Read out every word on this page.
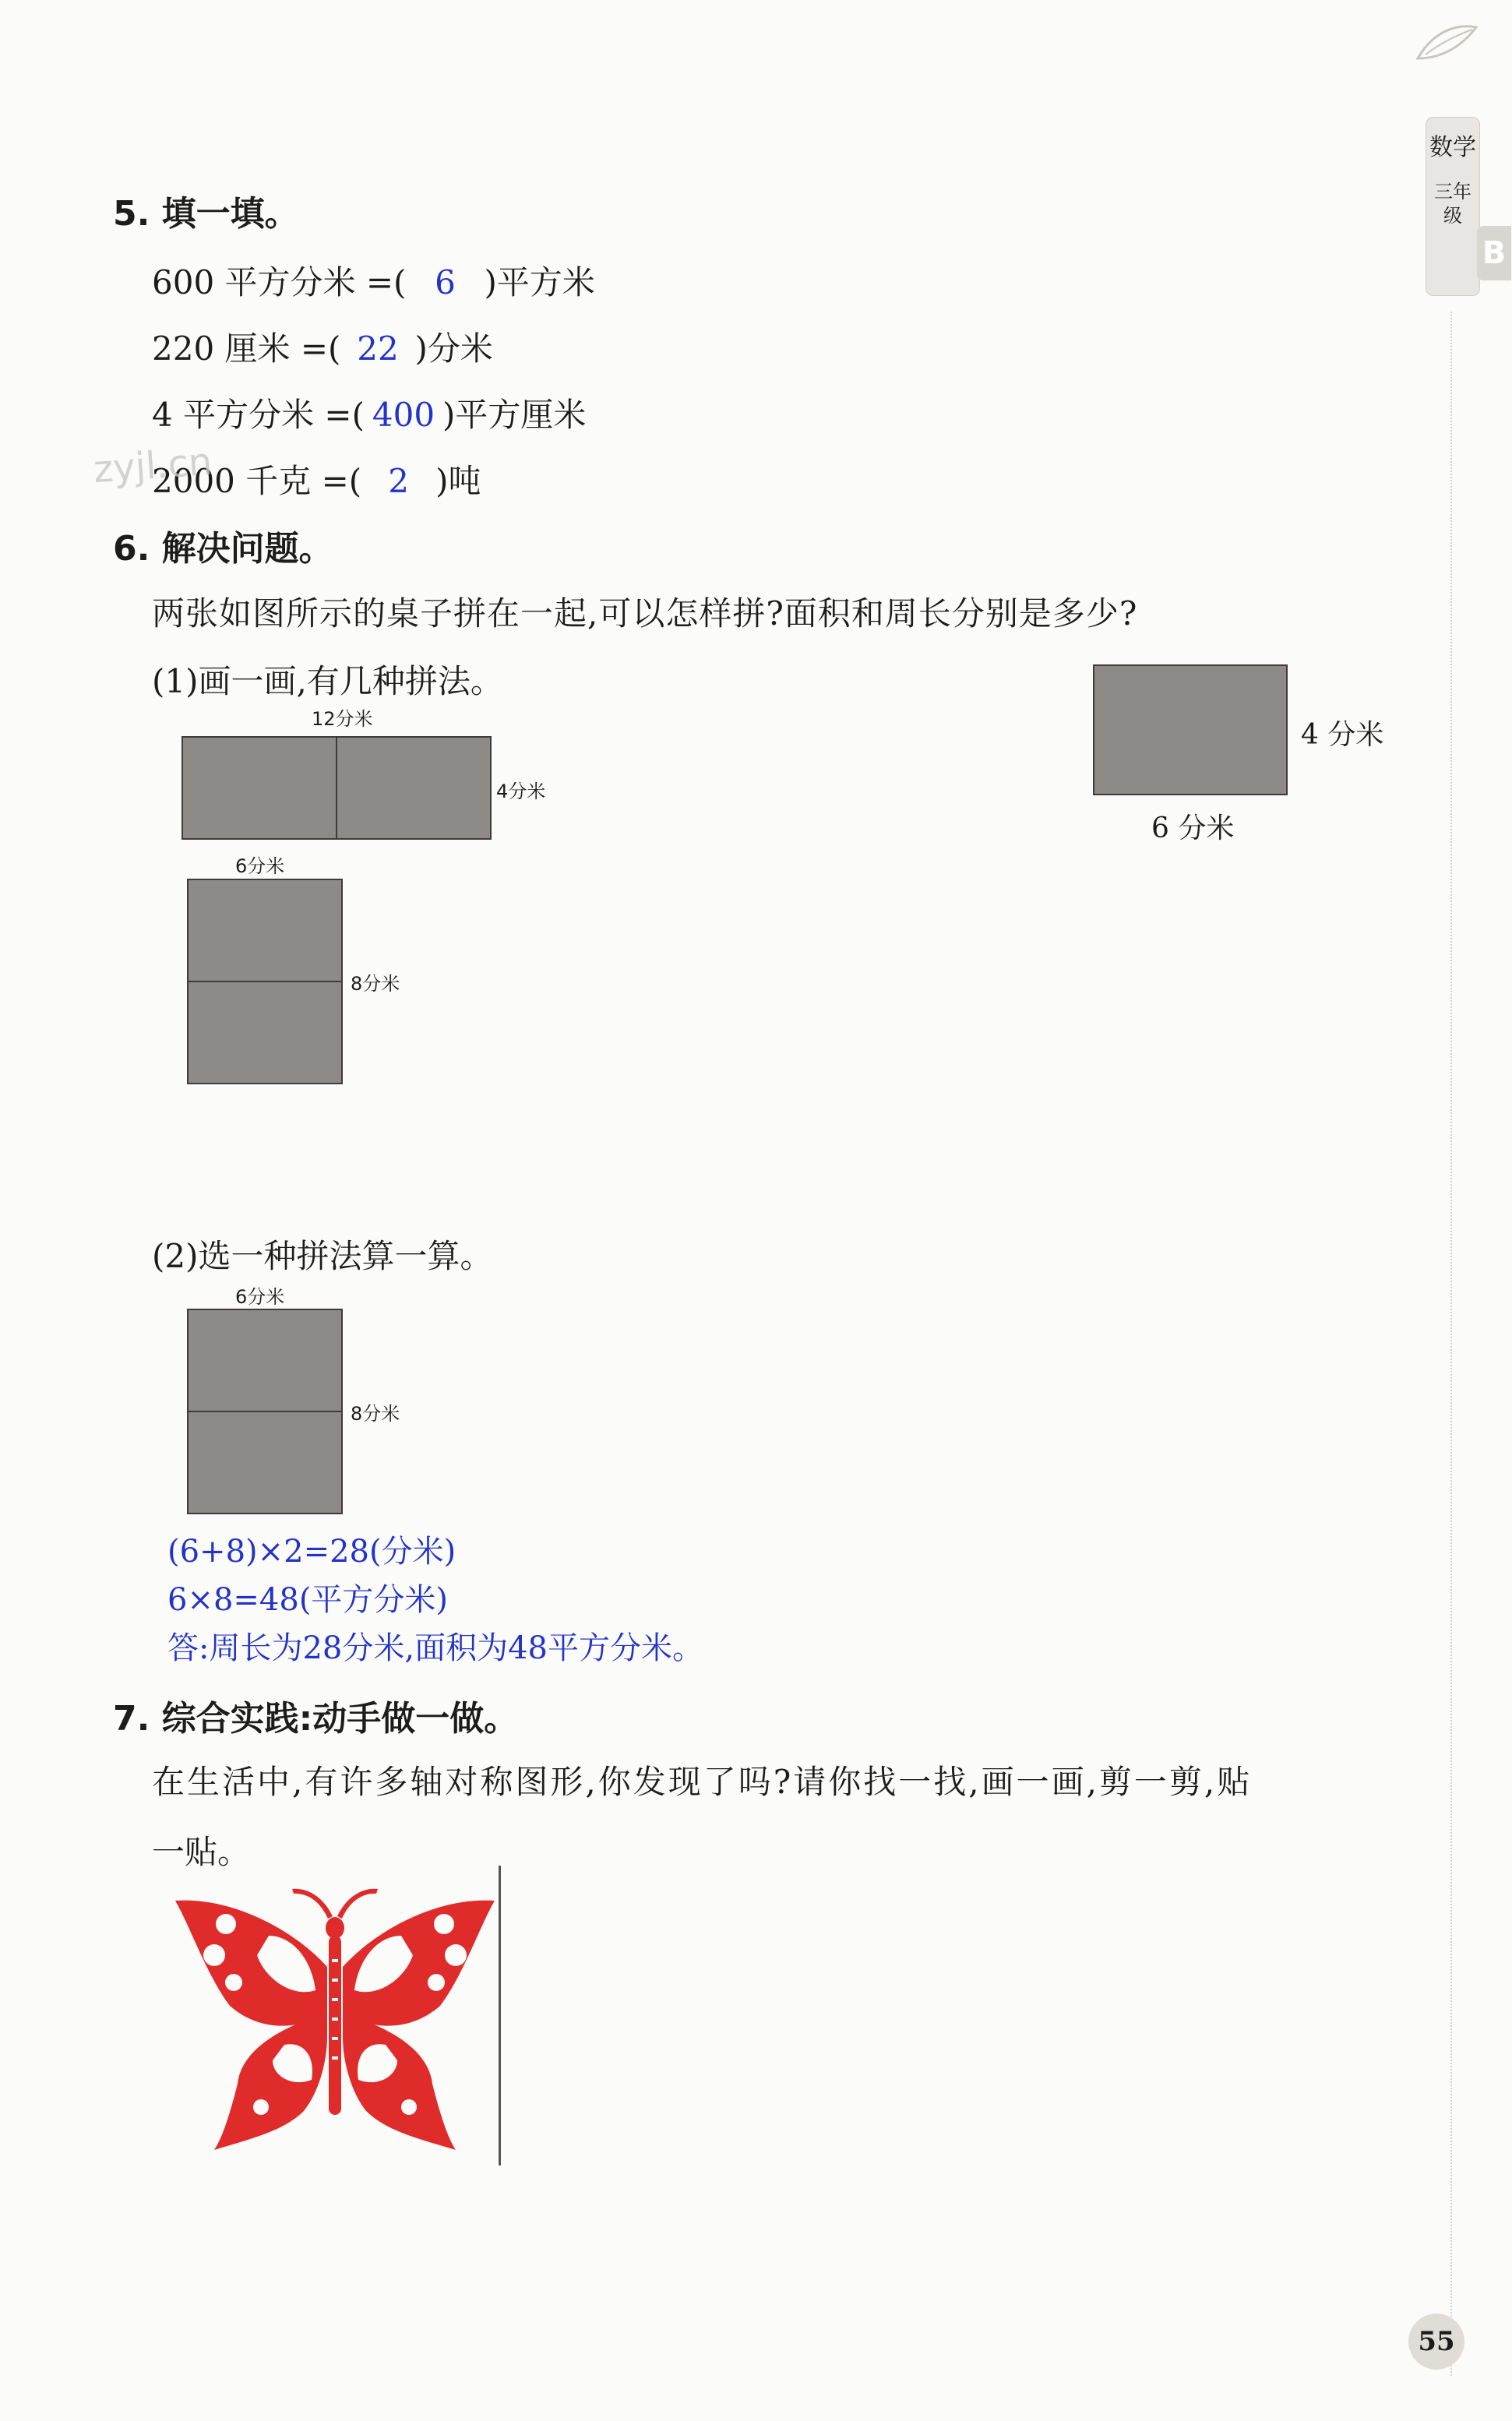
数学
三年级
B
5. 填一填。
600 平方分米 =( 6 )平方米
220 厘米 =( 22 )分米
4 平方分米 =( 400 )平方厘米
2000 千克 =( 2 )吨
zyjl.cn
6. 解决问题。
两张如图所示的桌子拼在一起,可以怎样拼?面积和周长分别是多少?
(1)画一画,有几种拼法。
4 分米
6 分米
12分米
4分米
6分米
8分米
(2)选一种拼法算一算。
6分米
8分米
(6+8)×2=28(分米)
6×8=48(平方分米)
答:周长为28分米,面积为48平方分米。
7. 综合实践:动手做一做。
在生活中,有许多轴对称图形,你发现了吗?请你找一找,画一画,剪一剪,贴
一贴。
55
